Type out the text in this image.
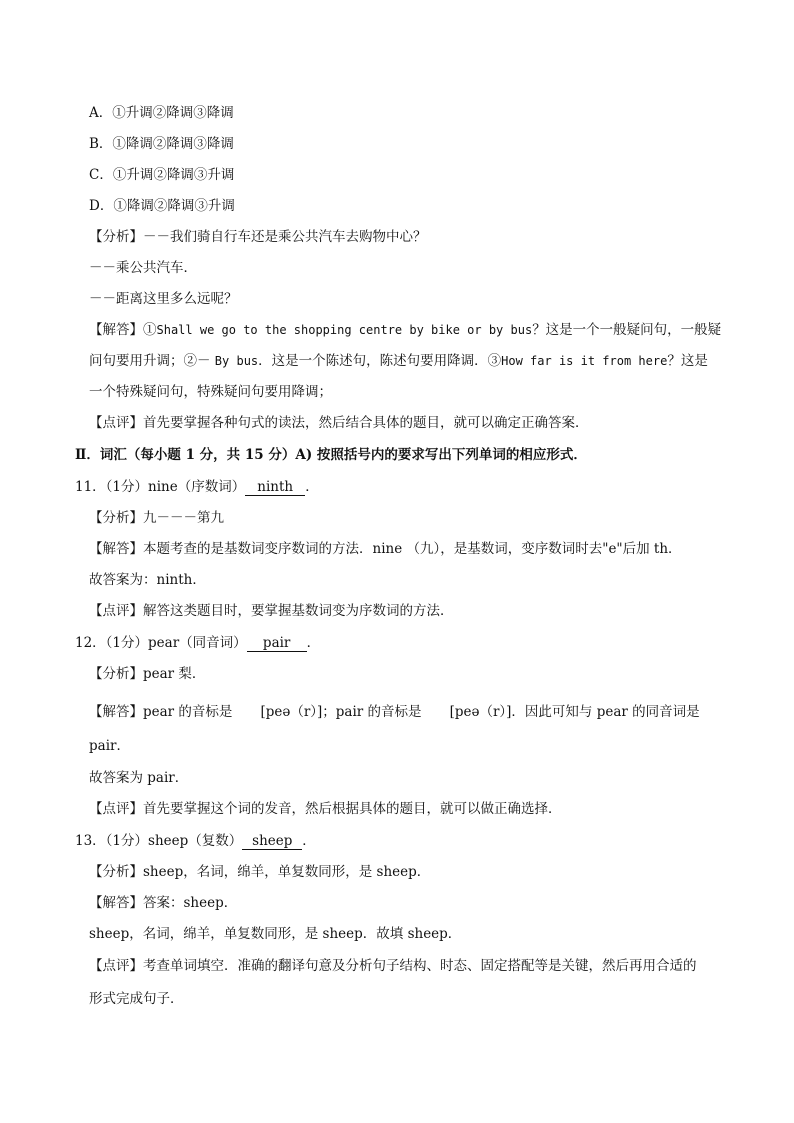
A．①升调②降调③降调
B．①降调②降调③降调
C．①升调②降调③升调
D．①降调②降调③升调
【分析】－－我们骑自行车还是乘公共汽车去购物中心？
－－乘公共汽车．
－－距离这里多么远呢？
【解答】①Shall we go to the shopping centre by bike or by bus？这是一个一般疑问句，一般疑
问句要用升调；②－ By bus．这是一个陈述句，陈述句要用降调．③How far is it from here？这是
一个特殊疑问句，特殊疑问句要用降调；
【点评】首先要掌握各种句式的读法，然后结合具体的题目，就可以确定正确答案．
Ⅱ．词汇（每小题 1 分，共 15 分）A) 按照括号内的要求写出下列单词的相应形式．
11．（1分）nine（序数词） ninth ．
【分析】九－－－第九
【解答】本题考查的是基数词变序数词的方法．nine （九），是基数词，变序数词时去"e"后加 th．
故答案为：ninth．
【点评】解答这类题目时，要掌握基数词变为序数词的方法．
12．（1分）pear（同音词） pair ．
【分析】pear 梨．
【解答】pear 的音标是 [peə（r）]；pair 的音标是 [peə（r）]．因此可知与 pear 的同音词是
pair．
故答案为 pair．
【点评】首先要掌握这个词的发音，然后根据具体的题目，就可以做正确选择．
13．（1分）sheep（复数） sheep ．
【分析】sheep，名词，绵羊，单复数同形，是 sheep．
【解答】答案：sheep．
sheep，名词，绵羊，单复数同形，是 sheep．故填 sheep．
【点评】考查单词填空．准确的翻译句意及分析句子结构、时态、固定搭配等是关键，然后再用合适的
形式完成句子．
